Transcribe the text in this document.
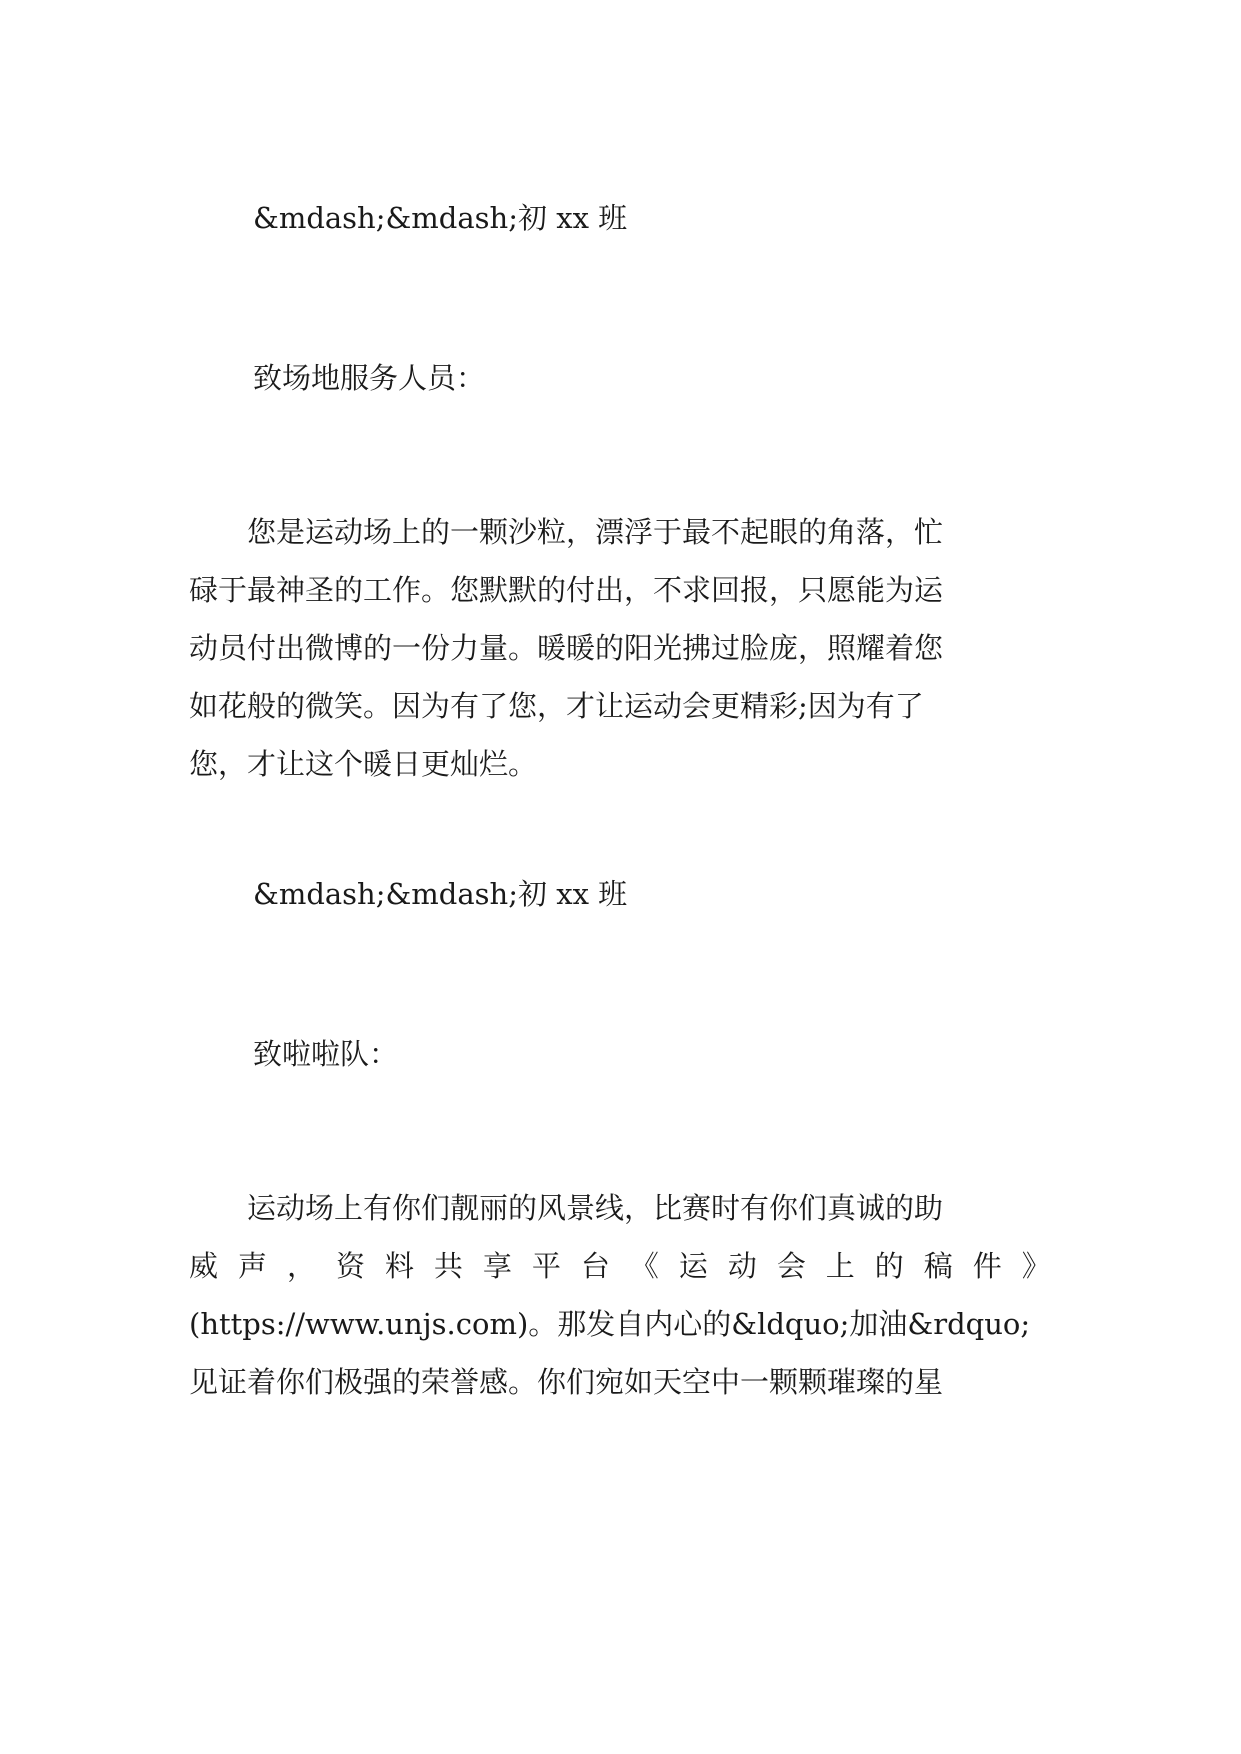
&mdash;&mdash;初 xx 班

致场地服务人员：

　　您是运动场上的一颗沙粒，漂浮于最不起眼的角落，忙
碌于最神圣的工作。您默默的付出，不求回报，只愿能为运
动员付出微博的一份力量。暖暖的阳光拂过脸庞，照耀着您
如花般的微笑。因为有了您，才让运动会更精彩;因为有了
您，才让这个暖日更灿烂。

&mdash;&mdash;初 xx 班

致啦啦队：

　　运动场上有你们靓丽的风景线，比赛时有你们真诚的助
威 声 ， 资 料 共 享 平 台 《 运 动 会 上 的 稿 件 》
(https://www.unjs.com)。那发自内心的&ldquo;加油&rdquo;
见证着你们极强的荣誉感。你们宛如天空中一颗颗璀璨的星
